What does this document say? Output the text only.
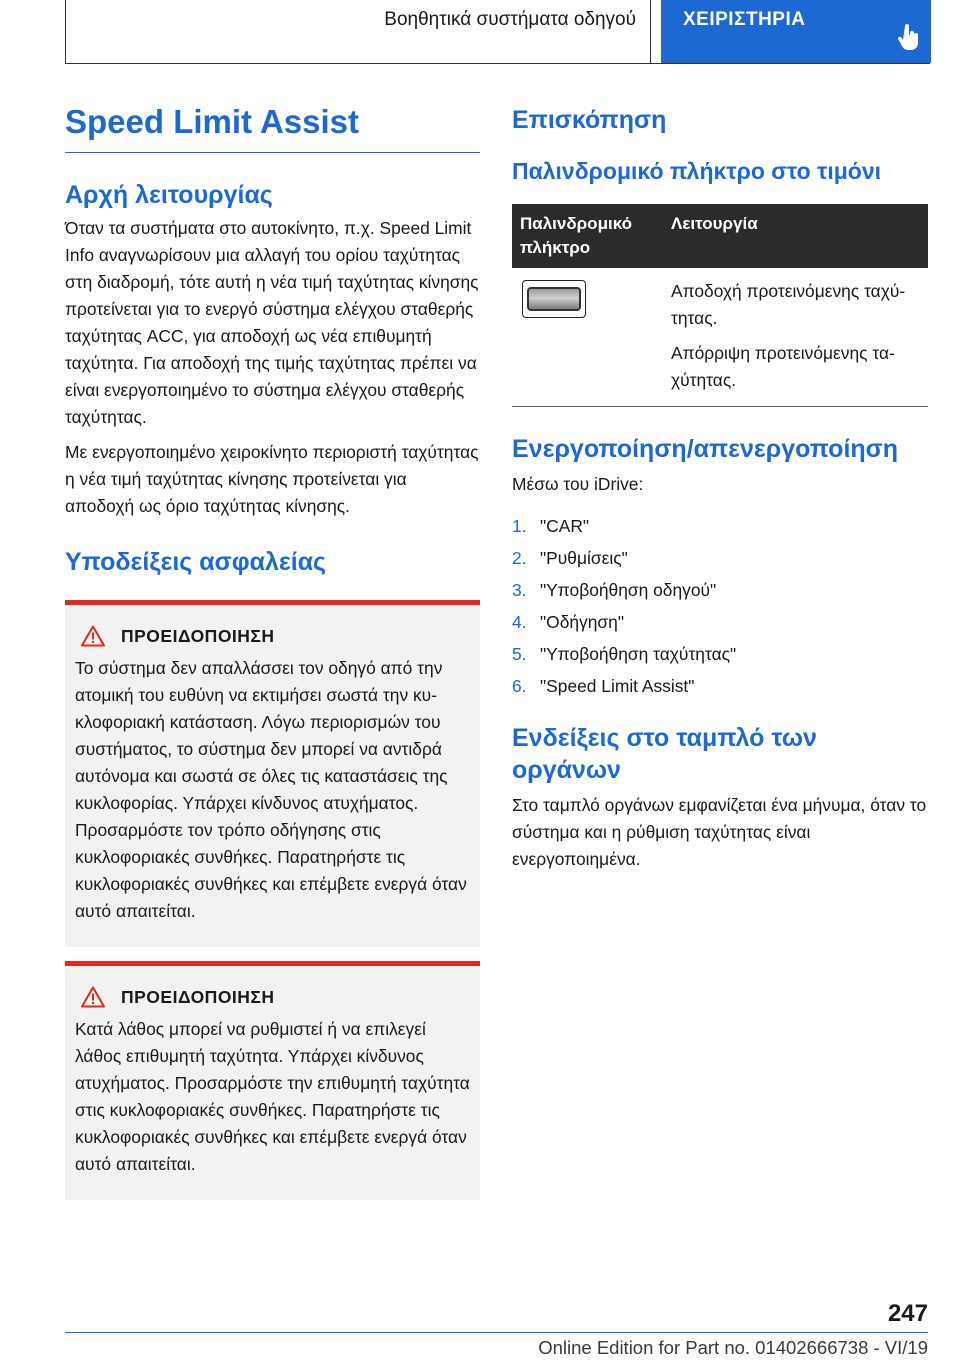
Βοηθητικά συστήματα οδηγού	ΧΕΙΡΙΣΤΗΡΙΑ
Speed Limit Assist
Αρχή λειτουργίας

Όταν τα συστήματα στο αυτοκίνητο, π.χ. Speed Limit Info αναγνωρίσουν μια αλλαγή του ορίου ταχύτητας στη διαδρομή, τότε αυτή η νέα τιμή ταχύτητας κίνησης προτείνεται για το ενεργό σύστημα ελέγχου σταθερής ταχύτητας ACC, για αποδοχή ως νέα επιθυμητή ταχύτητα. Για αποδοχή της τιμής ταχύτητας πρέπει να είναι ενεργοποιημένο το σύστημα ελέγχου σταθερής ταχύτητας.

Με ενεργοποιημένο χειροκίνητο περιοριστή ταχύτητας η νέα τιμή ταχύτητας κίνησης προτείνεται για αποδοχή ως όριο ταχύτητας κίνησης.

Υποδείξεις ασφαλείας
ΠΡΟΕΙΔΟΠΟΙΗΣΗ

Το σύστημα δεν απαλλάσσει τον οδηγό από την ατομική του ευθύνη να εκτιμήσει σωστά την κυκλοφοριακή κατάσταση. Λόγω περιορισμών του συστήματος, το σύστημα δεν μπορεί να αντιδρά αυτόνομα και σωστά σε όλες τις καταστάσεις της κυκλοφορίας. Υπάρχει κίνδυνος ατυχήματος. Προσαρμόστε τον τρόπο οδήγησης στις κυκλοφοριακές συνθήκες. Παρατηρήστε τις κυκλοφοριακές συνθήκες και επέμβετε ενεργά όταν αυτό απαιτείται.

ΠΡΟΕΙΔΟΠΟΙΗΣΗ

Κατά λάθος μπορεί να ρυθμιστεί ή να επιλεγεί λάθος επιθυμητή ταχύτητα. Υπάρχει κίνδυνος ατυχήματος. Προσαρμόστε την επιθυμητή ταχύτητα στις κυκλοφοριακές συνθήκες. Παρατηρήστε τις κυκλοφοριακές συνθήκες και επέμβετε ενεργά όταν αυτό απαιτείται.

Επισκόπηση
Παλινδρομικό πλήκτρο στο τιμόνι
Παλινδρομικό πλήκτρο	Λειτουργία

	Αποδοχή προτεινόμενης ταχύτητας.

Απόρριψη προτεινόμενης ταχύτητας.

Ενεργοποίηση/απενεργοποίηση

Μέσω του iDrive:

1. "CAR"
2. "Ρυθμίσεις"
3. "Υποβοήθηση οδηγού"
4. "Οδήγηση"
5. "Υποβοήθηση ταχύτητας"
6. "Speed Limit Assist"
Ενδείξεις στο ταμπλό των οργάνων

Στο ταμπλό οργάνων εμφανίζεται ένα μήνυμα, όταν το σύστημα και η ρύθμιση ταχύτητας είναι ενεργοποιημένα.

247
Online Edition for Part no. 01402666738 - VI/19
